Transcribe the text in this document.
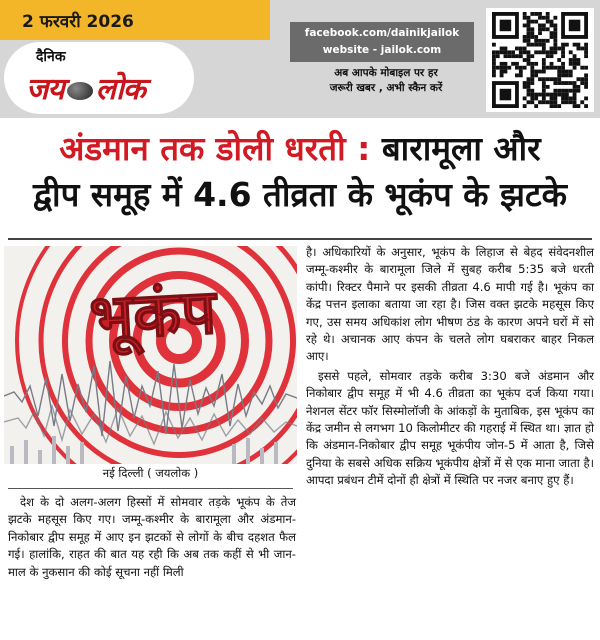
2 फरवरी 2026
दैनिक
जय लोक
facebook.com/dainikjailok
website - jailok.com
अब आपके मोबाइल पर हर
जरूरी खबर , अभी स्कैन करें
अंडमान तक डोली धरती : बारामूला और
द्वीप समूह में 4.6 तीव्रता के भूकंप के झटके
भूकंप
नई दिल्ली ( जयलोक )

देश के दो अलग-अलग हिस्सों में सोमवार तड़के भूकंप के तेज झटके महसूस किए गए। जम्मू-कश्मीर के बारामूला और अंडमान-निकोबार द्वीप समूह में आए इन झटकों से लोगों के बीच दहशत फैल गई। हालांकि, राहत की बात यह रही कि अब तक कहीं से भी जान-माल के नुकसान की कोई सूचना नहीं मिली

है। अधिकारियों के अनुसार, भूकंप के लिहाज से बेहद संवेदनशील जम्मू-कश्मीर के बारामूला जिले में सुबह करीब 5:35 बजे धरती कांपी। रिक्टर पैमाने पर इसकी तीव्रता 4.6 मापी गई है। भूकंप का केंद्र पत्तन इलाका बताया जा रहा है। जिस वक्त झटके महसूस किए गए, उस समय अधिकांश लोग भीषण ठंड के कारण अपने घरों में सो रहे थे। अचानक आए कंपन के चलते लोग घबराकर बाहर निकल आए।

इससे पहले, सोमवार तड़के करीब 3:30 बजे अंडमान और निकोबार द्वीप समूह में भी 4.6 तीव्रता का भूकंप दर्ज किया गया। नेशनल सेंटर फॉर सिस्मोलॉजी के आंकड़ों के मुताबिक, इस भूकंप का केंद्र जमीन से लगभग 10 किलोमीटर की गहराई में स्थित था। ज्ञात हो कि अंडमान-निकोबार द्वीप समूह भूकंपीय जोन-5 में आता है, जिसे दुनिया के सबसे अधिक सक्रिय भूकंपीय क्षेत्रों में से एक माना जाता है। आपदा प्रबंधन टीमें दोनों ही क्षेत्रों में स्थिति पर नजर बनाए हुए हैं।
